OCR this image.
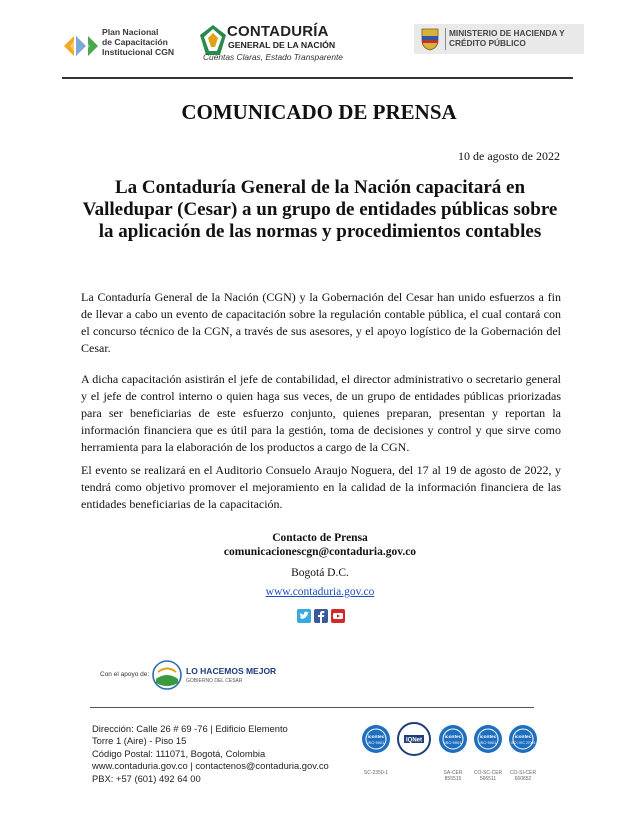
Plan Nacional
de Capacitación
Institucional CGN
CONTADURÍA
GENERAL DE LA NACIÓN
Cuentas Claras, Estado Transparente
MINISTERIO DE HACIENDA Y
CRÉDITO PÚBLICO
COMUNICADO DE PRENSA
10 de agosto de 2022
La Contaduría General de la Nación capacitará en Valledupar (Cesar) a un grupo de entidades públicas sobre la aplicación de las normas y procedimientos contables
La Contaduría General de la Nación (CGN) y la Gobernación del Cesar han unido esfuerzos a fin de llevar a cabo un evento de capacitación sobre la regulación contable pública, el cual contará con el concurso técnico de la CGN, a través de sus asesores, y el apoyo logístico de la Gobernación del Cesar.
A dicha capacitación asistirán el jefe de contabilidad, el director administrativo o secretario general y el jefe de control interno o quien haga sus veces, de un grupo de entidades públicas priorizadas para ser beneficiarias de este esfuerzo conjunto, quienes preparan, presentan y reportan la información financiera que es útil para la gestión, toma de decisiones y control y que sirve como herramienta para la elaboración de los productos a cargo de la CGN.
El evento se realizará en el Auditorio Consuelo Araujo Noguera, del 17 al 19 de agosto de 2022, y tendrá como objetivo promover el mejoramiento en la calidad de la información financiera de las entidades beneficiarias de la capacitación.
Contacto de Prensa
comunicacionescgn@contaduria.gov.co
Bogotá D.C.
www.contaduria.gov.co
Con el apoyo de:	LO HACEMOS MEJOR
GOBIERNO DEL CESAR
Dirección: Calle 26 # 69 -76 | Edificio Elemento
Torre 1 (Aire) - Piso 15
Código Postal: 111071, Bogotá, Colombia
www.contaduria.gov.co | contactenos@contaduria.gov.co
PBX: +57 (601) 492 64 00
icontec
ISO 9001	IQNet	icontec
ISO 9001
icontec
ISO 9001
icontec
ISO / IEC 27001
SC-2350-1	SA-CER 855515
CO-SC-CER 566511
CO-SI-CER 660652
